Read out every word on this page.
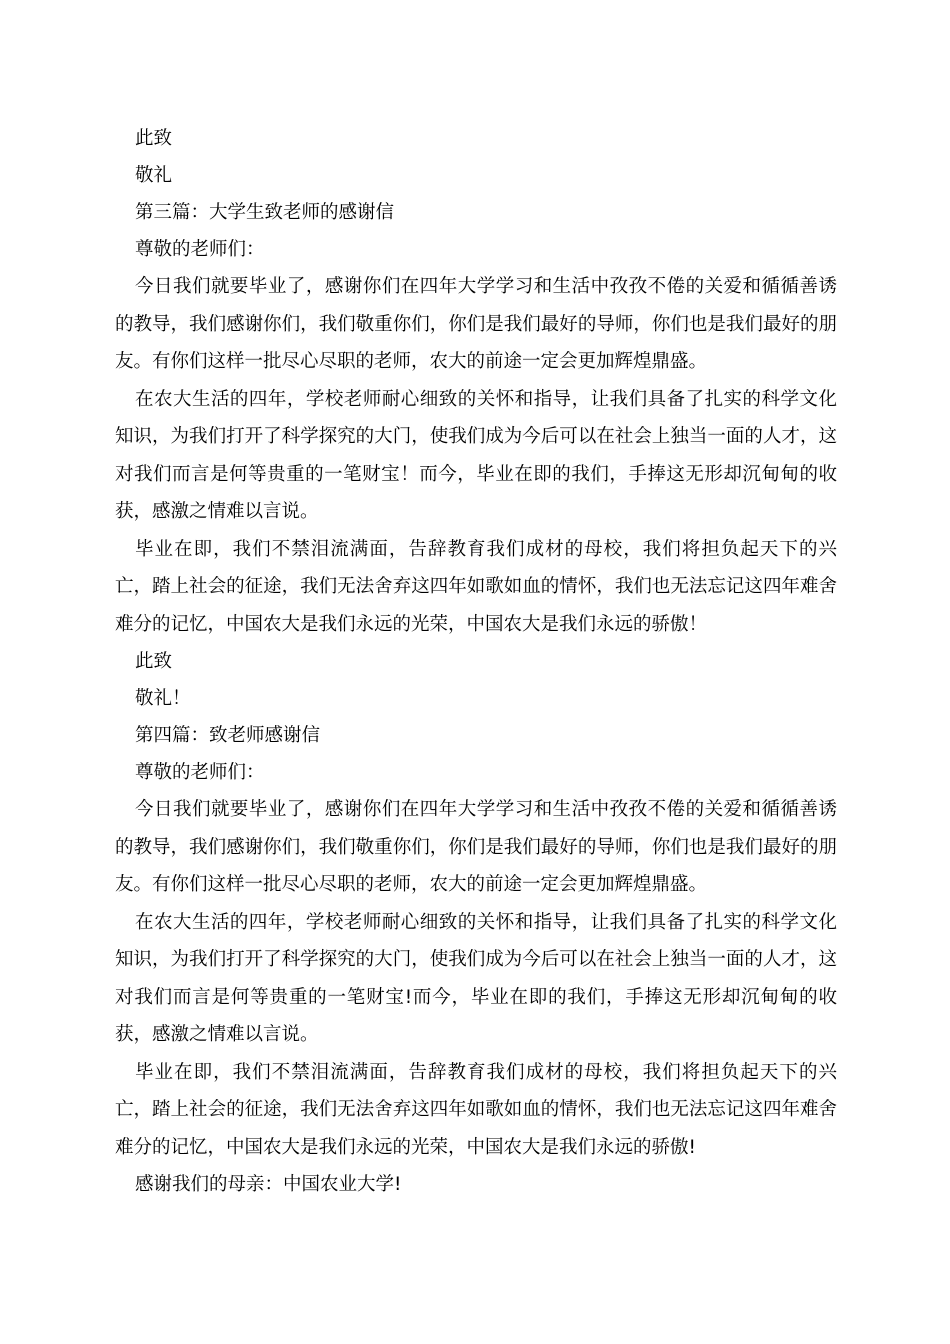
此致

敬礼

第三篇：大学生致老师的感谢信

尊敬的老师们：

今日我们就要毕业了，感谢你们在四年大学学习和生活中孜孜不倦的关爱和循循善诱的教导，我们感谢你们，我们敬重你们，你们是我们最好的导师，你们也是我们最好的朋友。有你们这样一批尽心尽职的老师，农大的前途一定会更加辉煌鼎盛。

在农大生活的四年，学校老师耐心细致的关怀和指导，让我们具备了扎实的科学文化知识，为我们打开了科学探究的大门，使我们成为今后可以在社会上独当一面的人才，这对我们而言是何等贵重的一笔财宝！而今，毕业在即的我们，手捧这无形却沉甸甸的收获，感激之情难以言说。

毕业在即，我们不禁泪流满面，告辞教育我们成材的母校，我们将担负起天下的兴亡，踏上社会的征途，我们无法舍弃这四年如歌如血的情怀，我们也无法忘记这四年难舍难分的记忆，中国农大是我们永远的光荣，中国农大是我们永远的骄傲！

此致

敬礼！

第四篇：致老师感谢信

尊敬的老师们：

今日我们就要毕业了，感谢你们在四年大学学习和生活中孜孜不倦的关爱和循循善诱的教导，我们感谢你们，我们敬重你们，你们是我们最好的导师，你们也是我们最好的朋友。有你们这样一批尽心尽职的老师，农大的前途一定会更加辉煌鼎盛。

在农大生活的四年，学校老师耐心细致的关怀和指导，让我们具备了扎实的科学文化知识，为我们打开了科学探究的大门，使我们成为今后可以在社会上独当一面的人才，这对我们而言是何等贵重的一笔财宝!而今，毕业在即的我们，手捧这无形却沉甸甸的收获，感激之情难以言说。

毕业在即，我们不禁泪流满面，告辞教育我们成材的母校，我们将担负起天下的兴亡，踏上社会的征途，我们无法舍弃这四年如歌如血的情怀，我们也无法忘记这四年难舍难分的记忆，中国农大是我们永远的光荣，中国农大是我们永远的骄傲!

感谢我们的母亲：中国农业大学!
